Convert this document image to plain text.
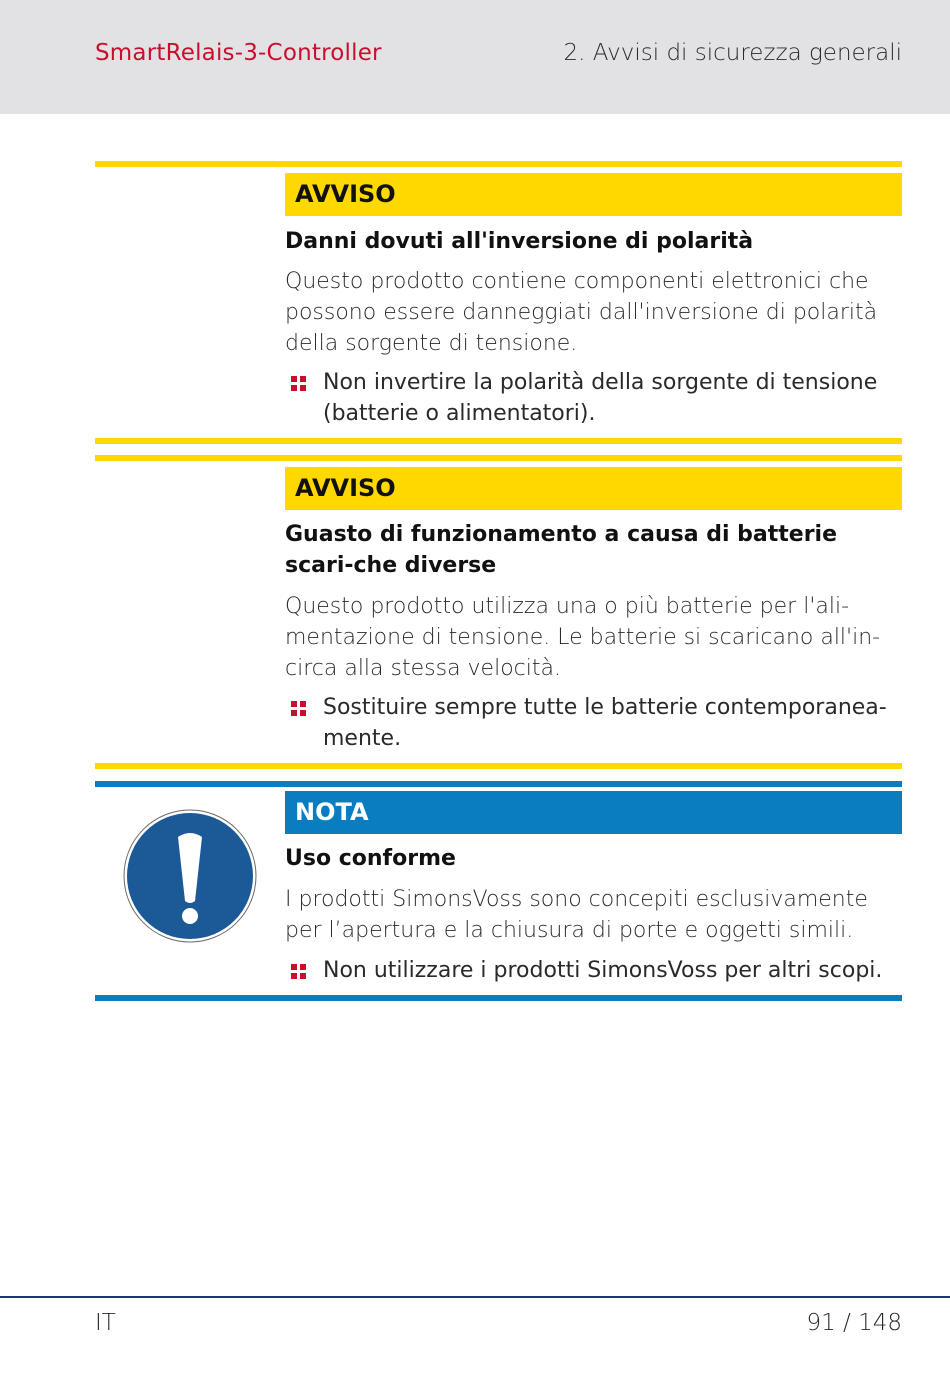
SmartRelais-3-Controller	2. Avvisi di sicurezza generali
AVVISO
Danni dovuti all'inversione di polarità
Questo prodotto contiene componenti elettronici che possono essere danneggiati dall'inversione di polarità della sorgente di tensione.
Non invertire la polarità della sorgente di tensione (batterie o alimentatori).
AVVISO
Guasto di funzionamento a causa di batterie scari-che diverse
Questo prodotto utilizza una o più batterie per l'ali-mentazione di tensione. Le batterie si scaricano all'in-circa alla stessa velocità.
Sostituire sempre tutte le batterie contemporanea-mente.
NOTA
Uso conforme
I prodotti SimonsVoss sono concepiti esclusivamente per l’apertura e la chiusura di porte e oggetti simili.
Non utilizzare i prodotti SimonsVoss per altri scopi.
IT	91 / 148
